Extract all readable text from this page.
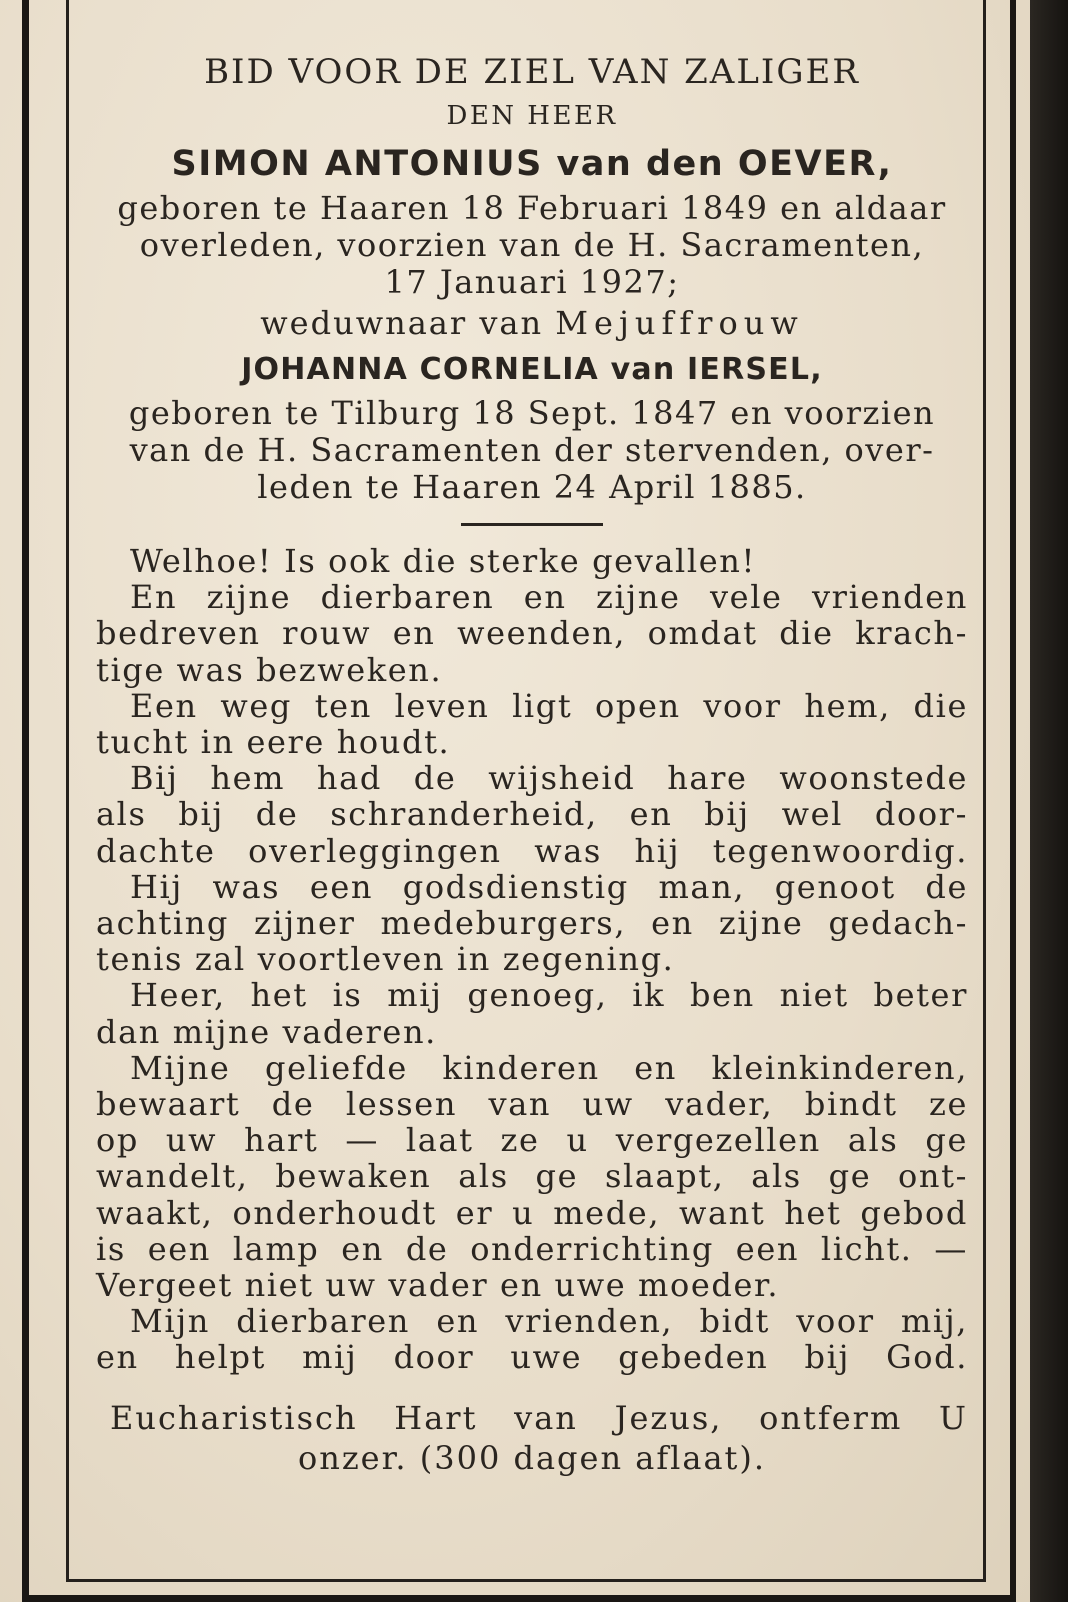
BID VOOR DE ZIEL VAN ZALIGER
DEN HEER
SIMON ANTONIUS van den OEVER,
geboren te Haaren 18 Februari 1849 en aldaar
overleden, voorzien van de H. Sacramenten,
17 Januari 1927;
weduwnaar van Mejuffrouw
JOHANNA CORNELIA van IERSEL,
geboren te Tilburg 18 Sept. 1847 en voorzien
van de H. Sacramenten der stervenden, over-
leden te Haaren 24 April 1885.
Welhoe! Is ook die sterke gevallen!
En zijne dierbaren en zijne vele vrienden
bedreven rouw en weenden, omdat die krach-
tige was bezweken.
Een weg ten leven ligt open voor hem, die
tucht in eere houdt.
Bij hem had de wijsheid hare woonstede
als bij de schranderheid, en bij wel door-
dachte overleggingen was hij tegenwoordig.
Hij was een godsdienstig man, genoot de
achting zijner medeburgers, en zijne gedach-
tenis zal voortleven in zegening.
Heer, het is mij genoeg, ik ben niet beter
dan mijne vaderen.
Mijne geliefde kinderen en kleinkinderen,
bewaart de lessen van uw vader, bindt ze
op uw hart — laat ze u vergezellen als ge
wandelt, bewaken als ge slaapt, als ge ont-
waakt, onderhoudt er u mede, want het gebod
is een lamp en de onderrichting een licht. —
Vergeet niet uw vader en uwe moeder.
Mijn dierbaren en vrienden, bidt voor mij,
en helpt mij door uwe gebeden bij God.
Eucharistisch Hart van Jezus, ontferm U
onzer. (300 dagen aflaat).
